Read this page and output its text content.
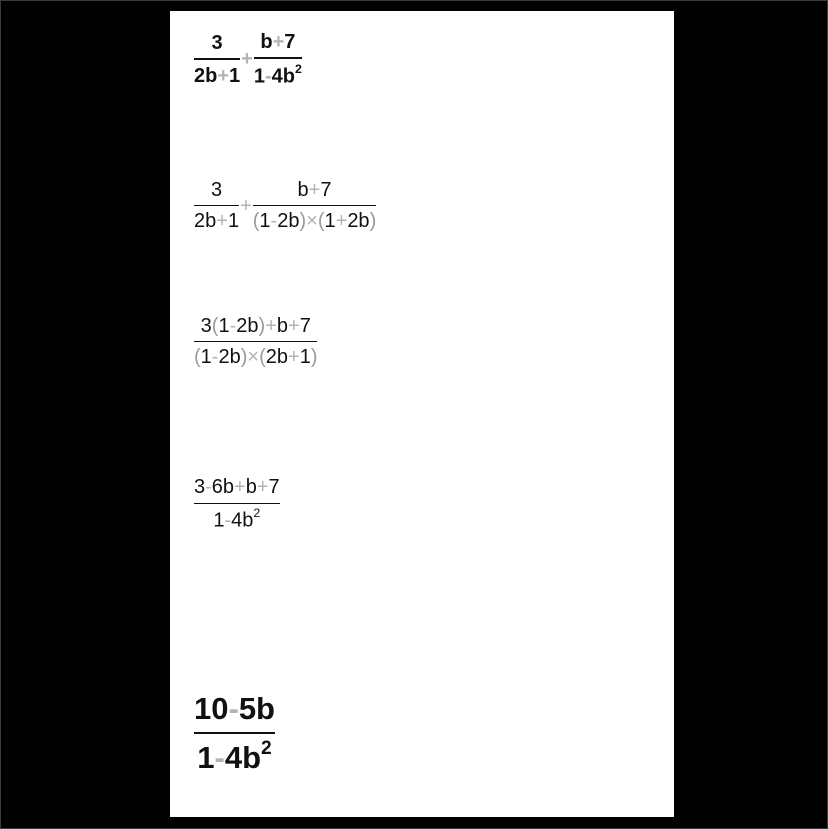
$\frac{3}{2b+1} + \frac{b+7}{1-4b^2}$
$\frac{3}{2b+1} + \frac{b+7}{(1-2b)\times(1+2b)}$
$\frac{3(1-2b)+b+7}{(1-2b)\times(2b+1)}$
$\frac{3-6b+b+7}{1-4b^2}$
$\frac{10-5b}{1-4b^2}$
